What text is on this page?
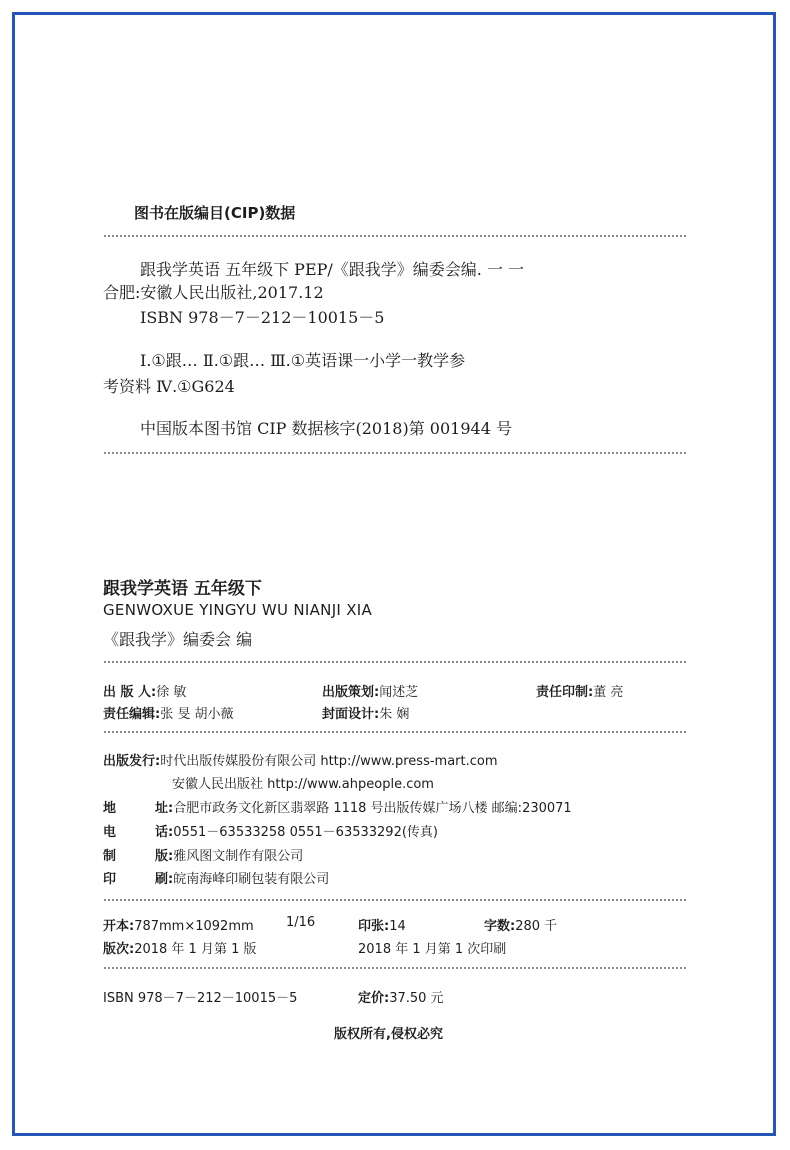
图书在版编目(CIP)数据
跟我学英语 五年级下 PEP/《跟我学》编委会编. 一 一
合肥:安徽人民出版社,2017.12
ISBN 978－7－212－10015－5
Ⅰ.①跟… Ⅱ.①跟… Ⅲ.①英语课一小学一教学参
考资料 Ⅳ.①G624
中国版本图书馆 CIP 数据核字(2018)第 001944 号
跟我学英语 五年级下
GENWOXUE YINGYU WU NIANJI XIA
《跟我学》编委会 编
出 版 人:徐 敏	出版策划:闻述芝	责任印制:董 亮
责任编辑:张 旻 胡小薇	封面设计:朱 娴
出版发行:时代出版传媒股份有限公司 http://www.press-mart.com
安徽人民出版社 http://www.ahpeople.com
地	址:合肥市政务文化新区翡翠路 1118 号出版传媒广场八楼 邮编:230071
电	话:0551－63533258 0551－63533292(传真)
制	版:雅风图文制作有限公司
印	刷:皖南海峰印刷包装有限公司
开本:787mm×1092mm 1/16	印张:14	字数:280 千
版次:2018 年 1 月第 1 版	2018 年 1 月第 1 次印刷
ISBN 978－7－212－10015－5	定价:37.50 元
版权所有,侵权必究
